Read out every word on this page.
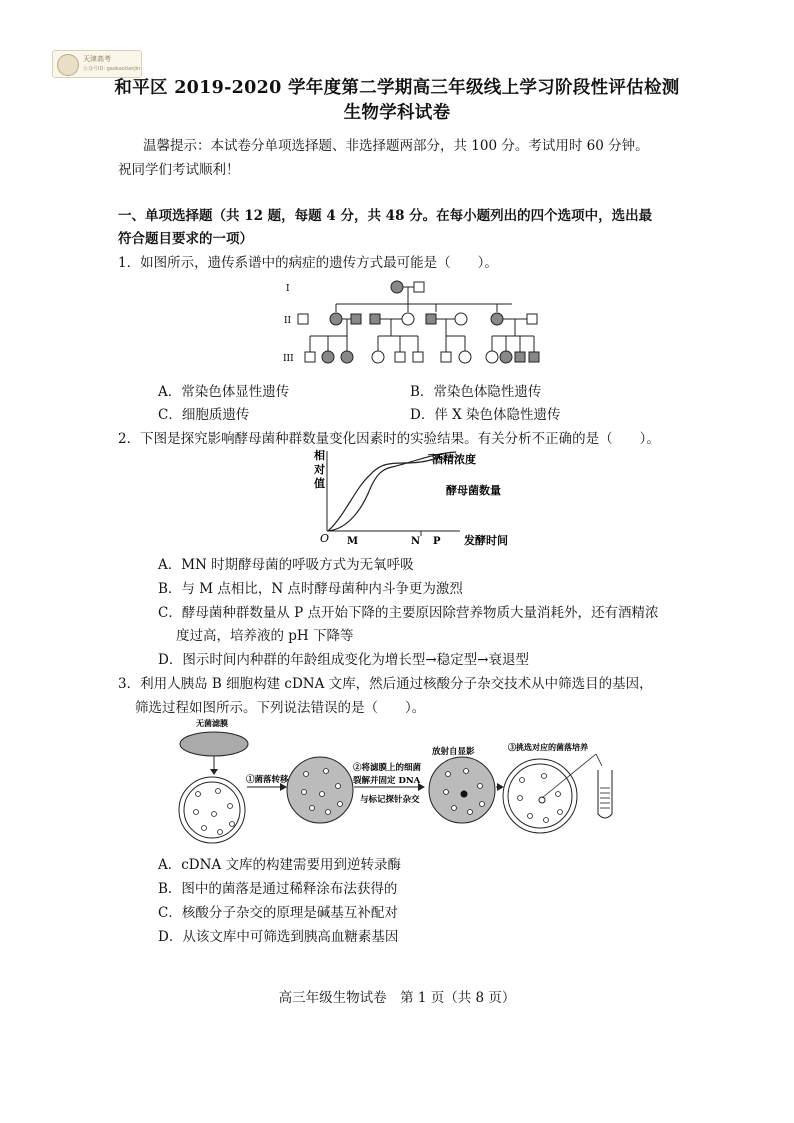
天津高考
公众号ID: gaokaotianjin
和平区 2019-2020 学年度第二学期高三年级线上学习阶段性评估检测
生物学科试卷
温馨提示：本试卷分单项选择题、非选择题两部分，共 100 分。考试用时 60 分钟。
祝同学们考试顺利！
一、单项选择题（共 12 题，每题 4 分，共 48 分。在每小题列出的四个选项中，选出最
符合题目要求的一项）
1．如图所示，遗传系谱中的病症的遗传方式最可能是（　　）。
I
II
III
A．常染色体显性遗传	B．常染色体隐性遗传
C．细胞质遗传	D．伴 X 染色体隐性遗传
2．下图是探究影响酵母菌种群数量变化因素时的实验结果。有关分析不正确的是（　　）。
O M	N P 发酵时间
相
对
值
酒精浓度
酵母菌数量
A．MN 时期酵母菌的呼吸方式为无氧呼吸
B．与 M 点相比，N 点时酵母菌种内斗争更为激烈
C．酵母菌种群数量从 P 点开始下降的主要原因除营养物质大量消耗外，还有酒精浓
度过高，培养液的 pH 下降等
D．图示时间内种群的年龄组成变化为增长型→稳定型→衰退型
3．利用人胰岛 B 细胞构建 cDNA 文库，然后通过核酸分子杂交技术从中筛选目的基因，
筛选过程如图所示。下列说法错误的是（　　）。
无菌滤膜
①菌落转移
②将滤膜上的细菌
裂解并固定 DNA
与标记探针杂交
放射自显影	③挑选对应的菌落培养
A．cDNA 文库的构建需要用到逆转录酶
B．图中的菌落是通过稀释涂布法获得的
C．核酸分子杂交的原理是碱基互补配对
D．从该文库中可筛选到胰高血糖素基因
高三年级生物试卷　第 1 页（共 8 页）
